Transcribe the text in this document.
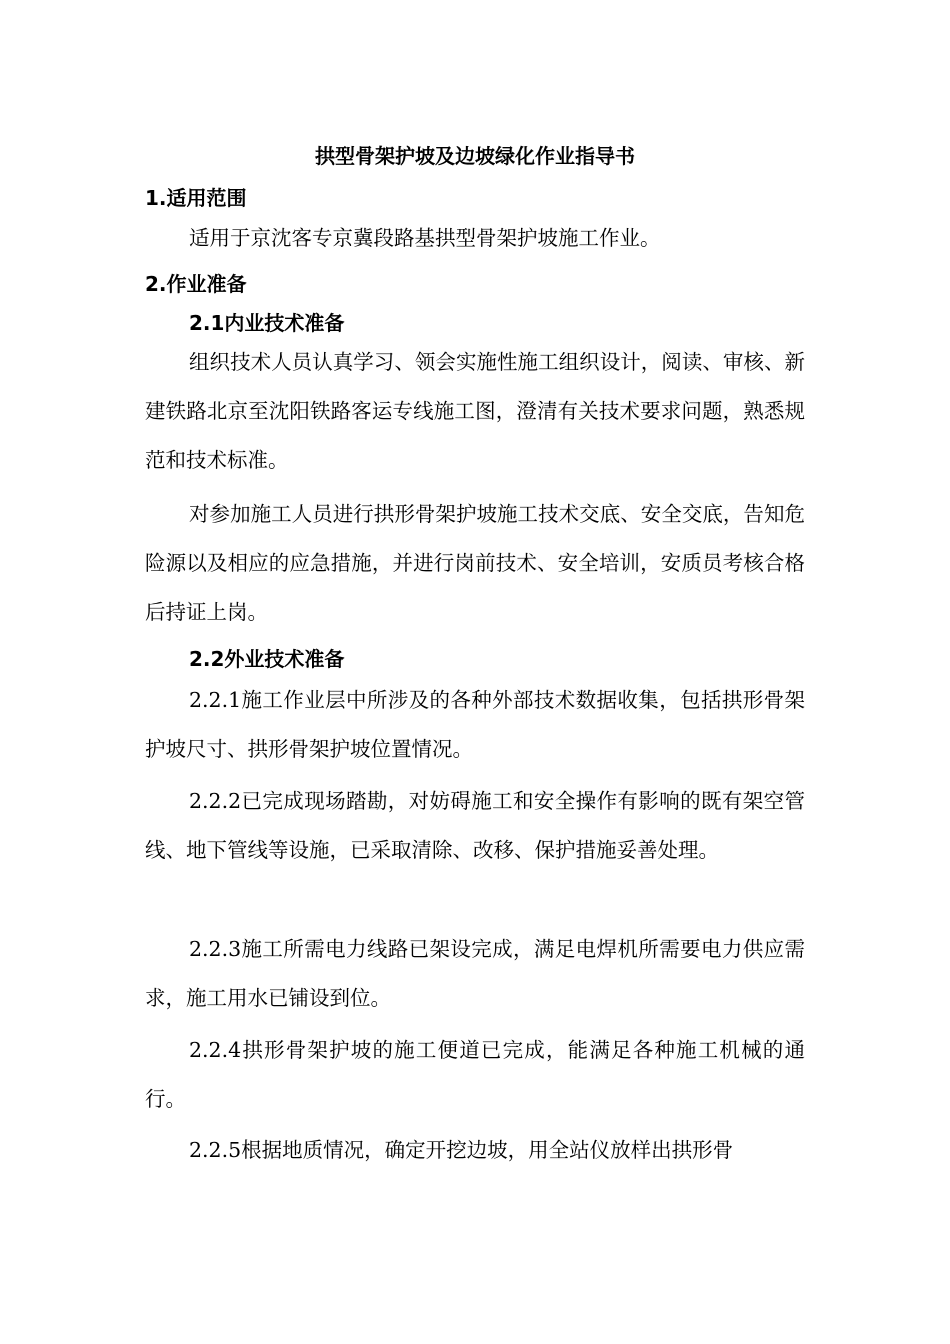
拱型骨架护坡及边坡绿化作业指导书
1.适用范围

适用于京沈客专京冀段路基拱型骨架护坡施工作业。

2.作业准备
2.1内业技术准备

组织技术人员认真学习、领会实施性施工组织设计，阅读、审核、新建铁路北京至沈阳铁路客运专线施工图，澄清有关技术要求问题，熟悉规范和技术标准。

对参加施工人员进行拱形骨架护坡施工技术交底、安全交底，告知危险源以及相应的应急措施，并进行岗前技术、安全培训，安质员考核合格后持证上岗。

2.2外业技术准备

2.2.1施工作业层中所涉及的各种外部技术数据收集，包括拱形骨架护坡尺寸、拱形骨架护坡位置情况。

2.2.2已完成现场踏勘，对妨碍施工和安全操作有影响的既有架空管线、地下管线等设施，已采取清除、改移、保护措施妥善处理。

2.2.3施工所需电力线路已架设完成，满足电焊机所需要电力供应需求，施工用水已铺设到位。

2.2.4拱形骨架护坡的施工便道已完成，能满足各种施工机械的通行。

2.2.5根据地质情况，确定开挖边坡，用全站仪放样出拱形骨
